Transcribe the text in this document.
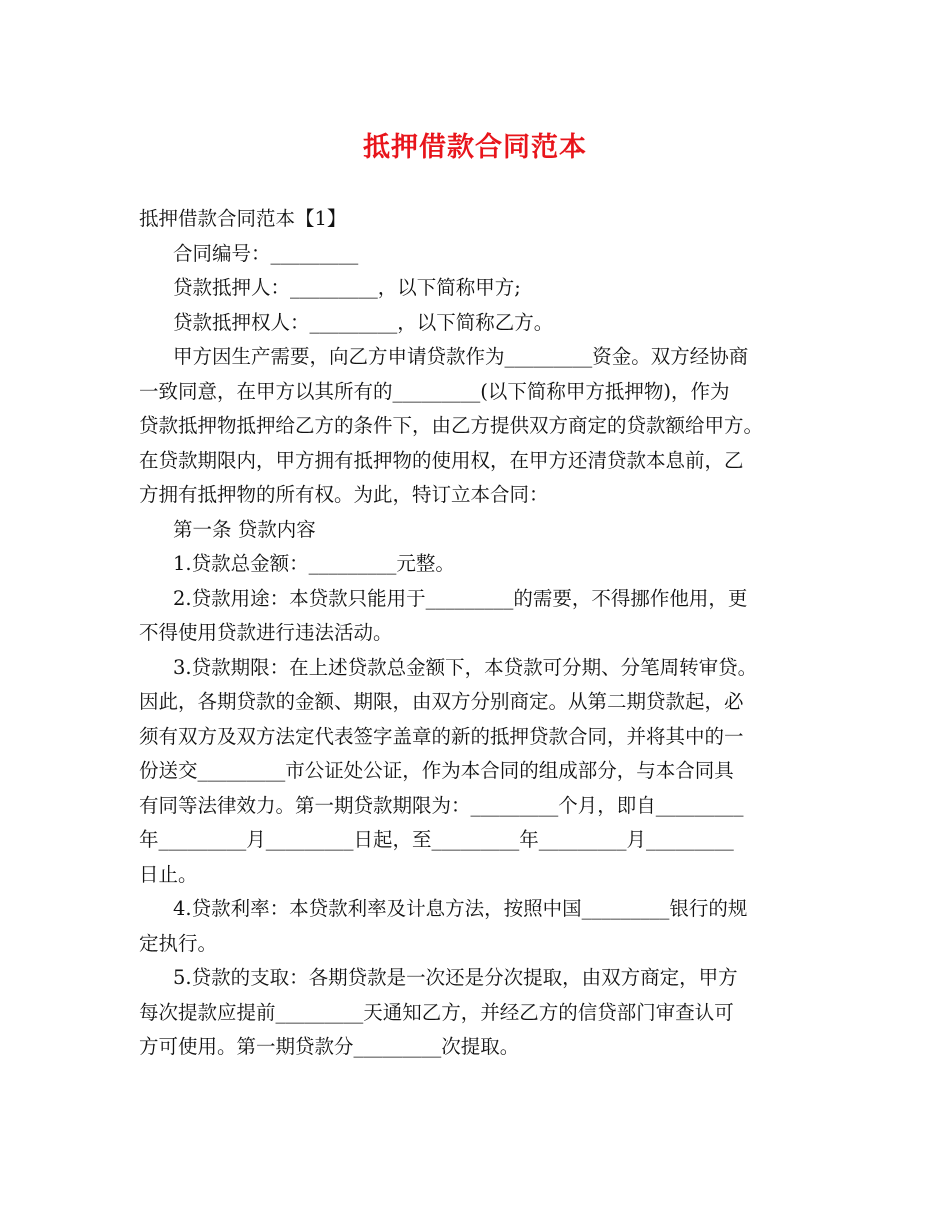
抵押借款合同范本
抵押借款合同范本【1】
合同编号：_________
贷款抵押人：_________，以下简称甲方;
贷款抵押权人：_________，以下简称乙方。
甲方因生产需要，向乙方申请贷款作为_________资金。双方经协商
一致同意，在甲方以其所有的_________(以下简称甲方抵押物)，作为
贷款抵押物抵押给乙方的条件下，由乙方提供双方商定的贷款额给甲方。
在贷款期限内，甲方拥有抵押物的使用权，在甲方还清贷款本息前，乙
方拥有抵押物的所有权。为此，特订立本合同：
第一条 贷款内容
1.贷款总金额：_________元整。
2.贷款用途：本贷款只能用于_________的需要，不得挪作他用，更
不得使用贷款进行违法活动。
3.贷款期限：在上述贷款总金额下，本贷款可分期、分笔周转审贷。
因此，各期贷款的金额、期限，由双方分别商定。从第二期贷款起，必
须有双方及双方法定代表签字盖章的新的抵押贷款合同，并将其中的一
份送交_________市公证处公证，作为本合同的组成部分，与本合同具
有同等法律效力。第一期贷款期限为：_________个月，即自_________
年_________月_________日起，至_________年_________月_________
日止。
4.贷款利率：本贷款利率及计息方法，按照中国_________银行的规
定执行。
5.贷款的支取：各期贷款是一次还是分次提取，由双方商定，甲方
每次提款应提前_________天通知乙方，并经乙方的信贷部门审查认可
方可使用。第一期贷款分_________次提取。
